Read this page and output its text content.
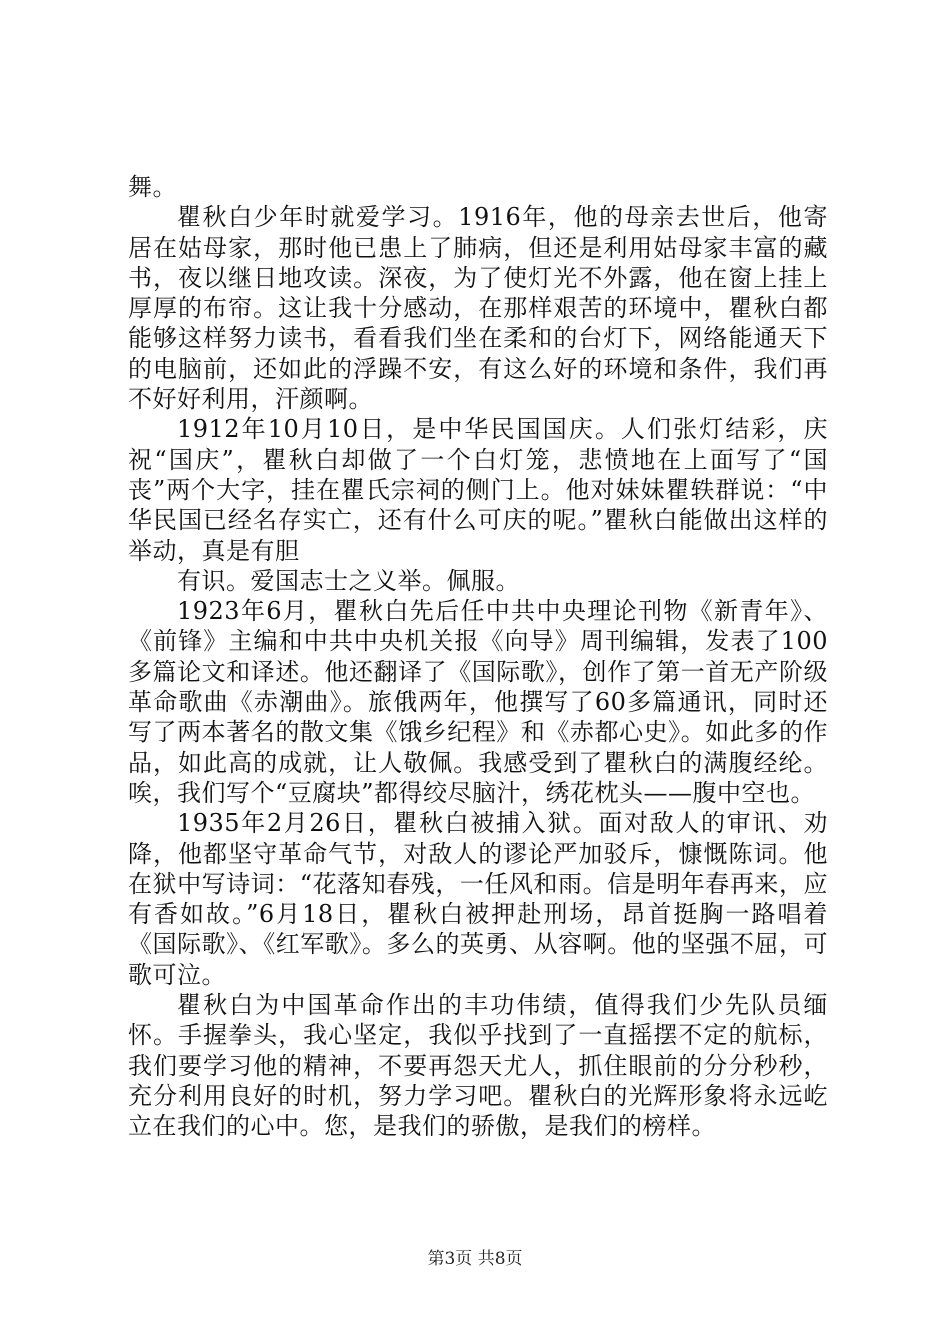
舞。

瞿秋白少年时就爱学习。1916年，他的母亲去世后，他寄居在姑母家，那时他已患上了肺病，但还是利用姑母家丰富的藏书，夜以继日地攻读。深夜，为了使灯光不外露，他在窗上挂上厚厚的布帘。这让我十分感动，在那样艰苦的环境中，瞿秋白都能够这样努力读书，看看我们坐在柔和的台灯下，网络能通天下的电脑前，还如此的浮躁不安，有这么好的环境和条件，我们再不好好利用，汗颜啊。

1912年10月10日，是中华民国国庆。人们张灯结彩，庆祝“国庆”，瞿秋白却做了一个白灯笼，悲愤地在上面写了“国丧”两个大字，挂在瞿氏宗祠的侧门上。他对妹妹瞿轶群说：“中华民国已经名存实亡，还有什么可庆的呢。”瞿秋白能做出这样的举动，真是有胆

有识。爱国志士之义举。佩服。

1923年6月，瞿秋白先后任中共中央理论刊物《新青年》、《前锋》主编和中共中央机关报《向导》周刊编辑，发表了100多篇论文和译述。他还翻译了《国际歌》，创作了第一首无产阶级革命歌曲《赤潮曲》。旅俄两年，他撰写了60多篇通讯，同时还写了两本著名的散文集《饿乡纪程》和《赤都心史》。如此多的作品，如此高的成就，让人敬佩。我感受到了瞿秋白的满腹经纶。唉，我们写个“豆腐块”都得绞尽脑汁，绣花枕头——腹中空也。

1935年2月26日，瞿秋白被捕入狱。面对敌人的审讯、劝降，他都坚守革命气节，对敌人的谬论严加驳斥，慷慨陈词。他在狱中写诗词：“花落知春残，一任风和雨。信是明年春再来，应有香如故。”6月18日，瞿秋白被押赴刑场，昂首挺胸一路唱着《国际歌》、《红军歌》。多么的英勇、从容啊。他的坚强不屈，可歌可泣。

瞿秋白为中国革命作出的丰功伟绩，值得我们少先队员缅怀。手握拳头，我心坚定，我似乎找到了一直摇摆不定的航标，我们要学习他的精神，不要再怨天尤人，抓住眼前的分分秒秒，充分利用良好的时机，努力学习吧。瞿秋白的光辉形象将永远屹立在我们的心中。您，是我们的骄傲，是我们的榜样。

第3页 共8页
